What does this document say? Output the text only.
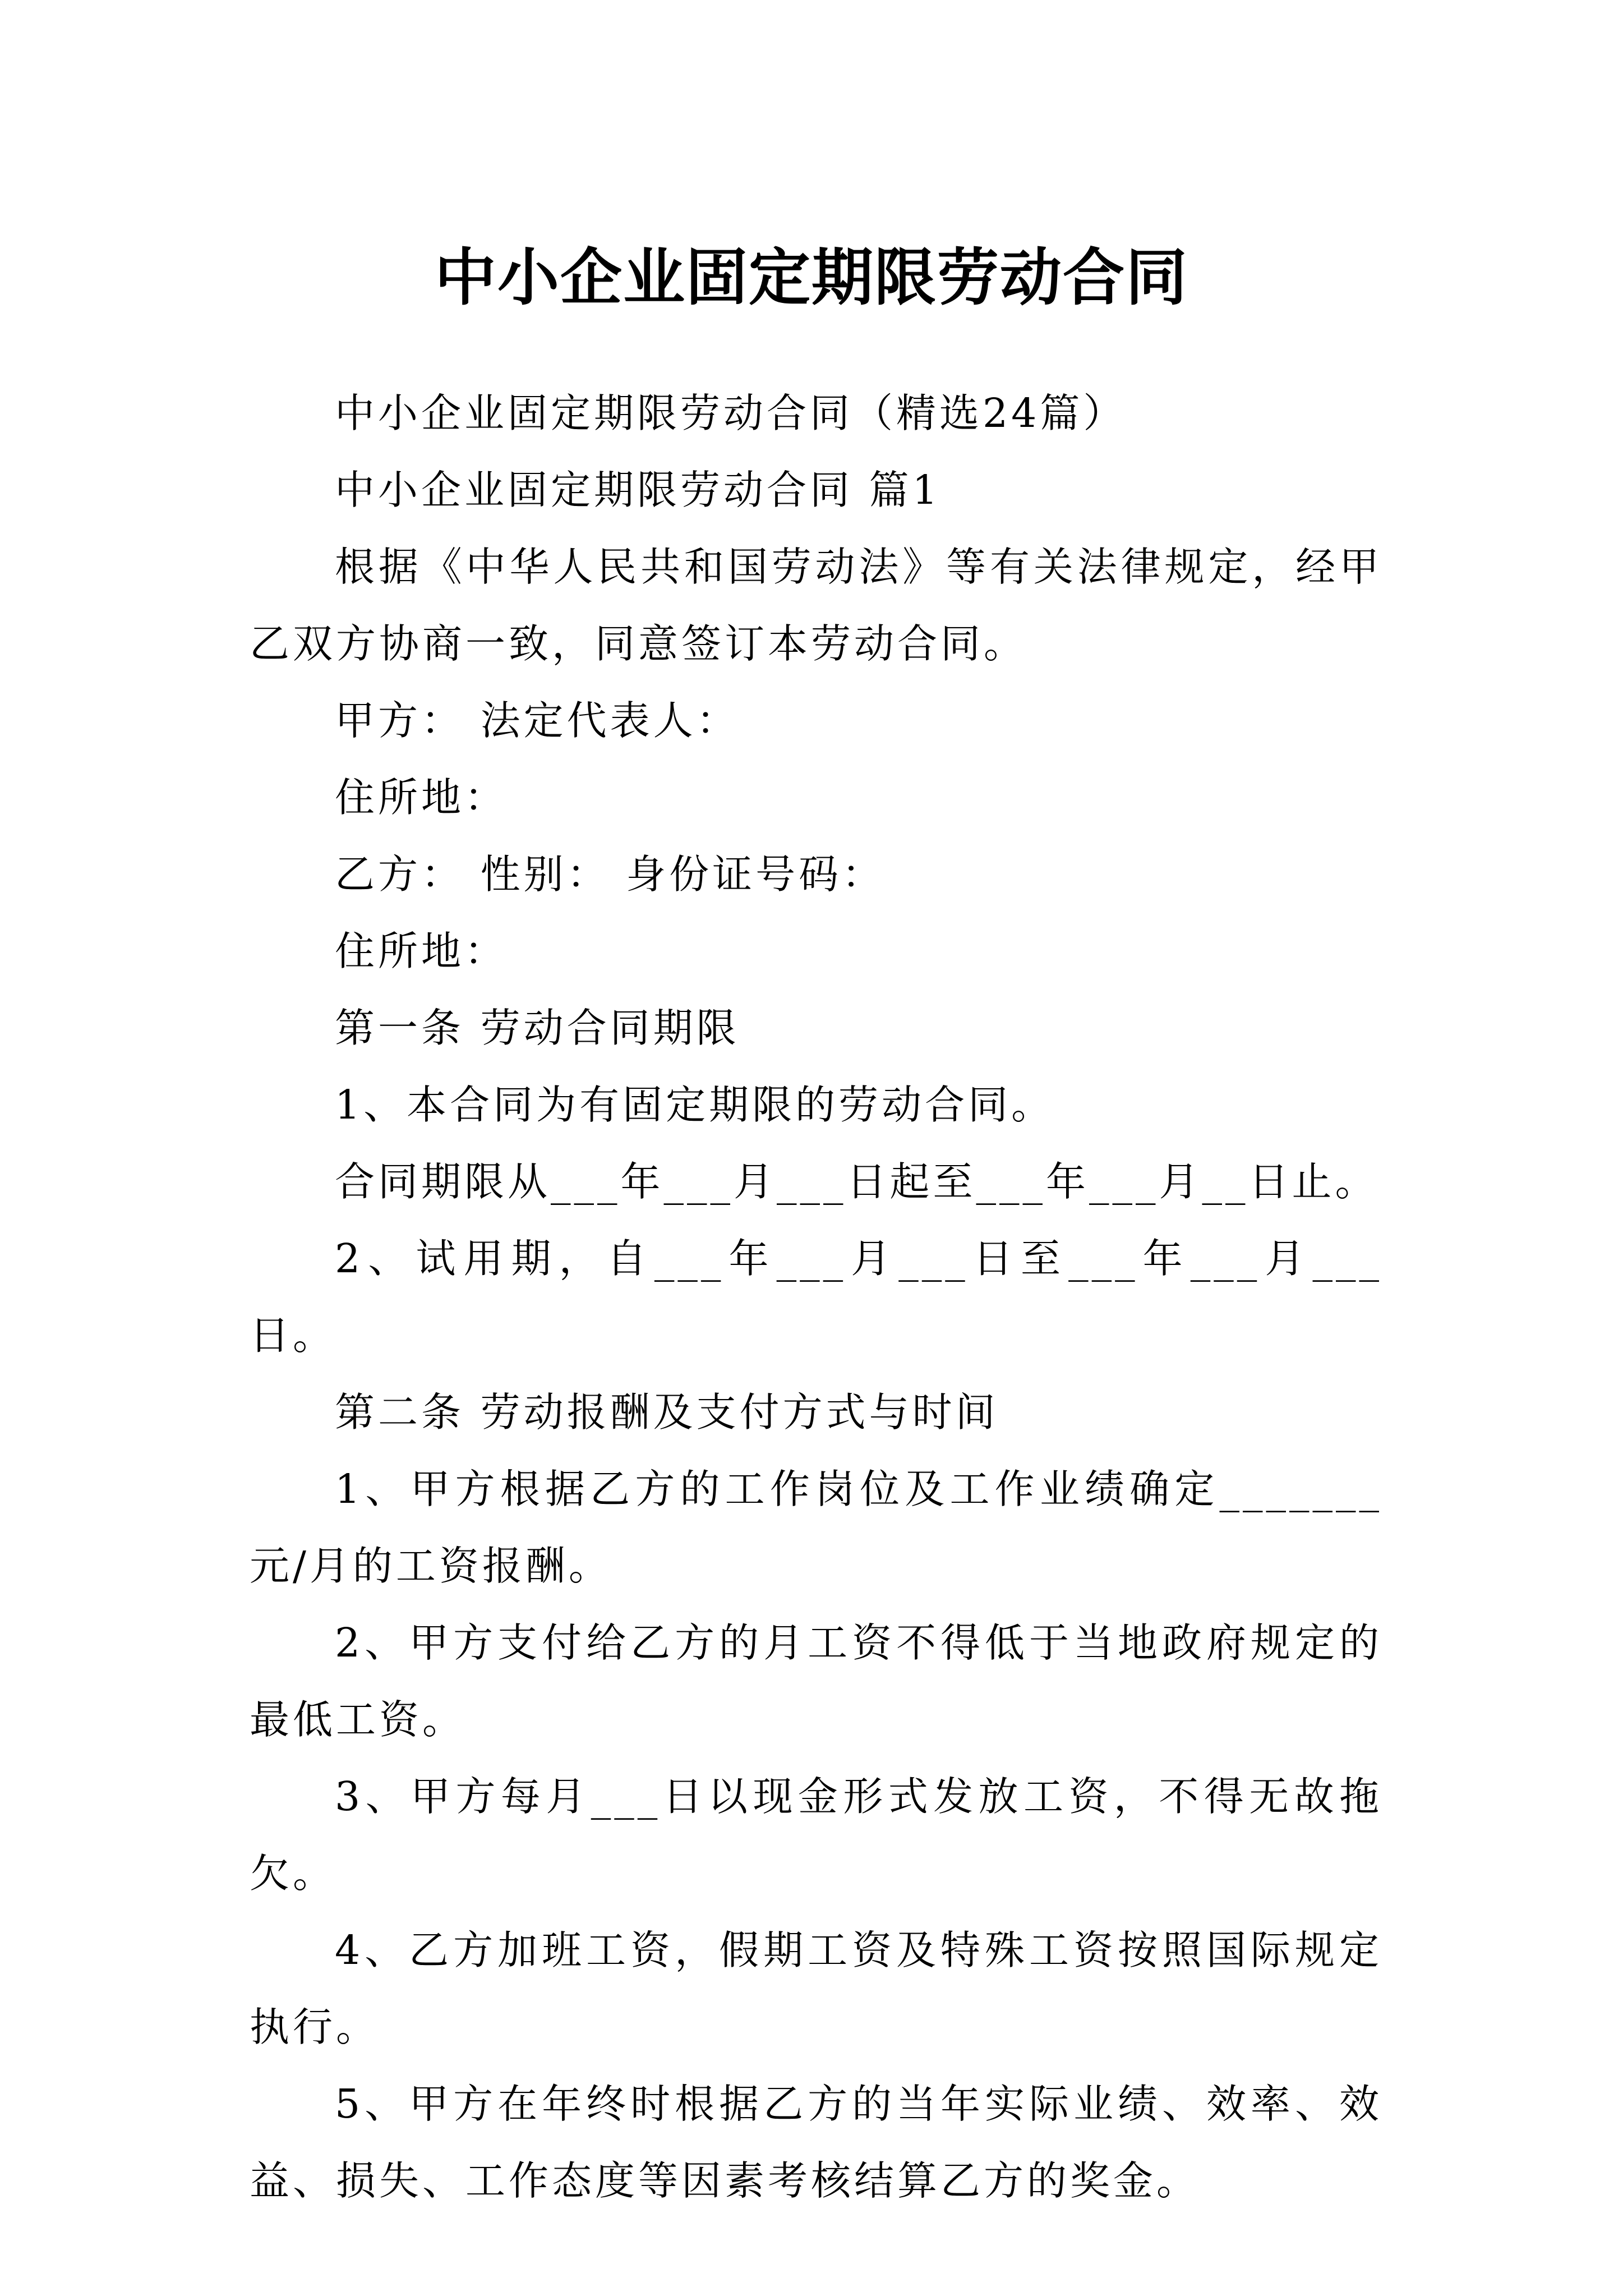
中小企业固定期限劳动合同

中小企业固定期限劳动合同（精选24篇）

中小企业固定期限劳动合同 篇1

根据《中华人民共和国劳动法》等有关法律规定，经甲乙双方协商一致，同意签订本劳动合同。

甲方： 法定代表人：

住所地：

乙方： 性别： 身份证号码：

住所地：

第一条 劳动合同期限

1、本合同为有固定期限的劳动合同。

合同期限从___年___月___日起至___年___月__日止。

2、试用期，自___年___月___日至___年___月___日。

第二条 劳动报酬及支付方式与时间

1、甲方根据乙方的工作岗位及工作业绩确定_______元/月的工资报酬。

2、甲方支付给乙方的月工资不得低于当地政府规定的最低工资。

3、甲方每月___日以现金形式发放工资，不得无故拖欠。

4、乙方加班工资，假期工资及特殊工资按照国际规定执行。

5、甲方在年终时根据乙方的当年实际业绩、效率、效益、损失、工作态度等因素考核结算乙方的奖金。
